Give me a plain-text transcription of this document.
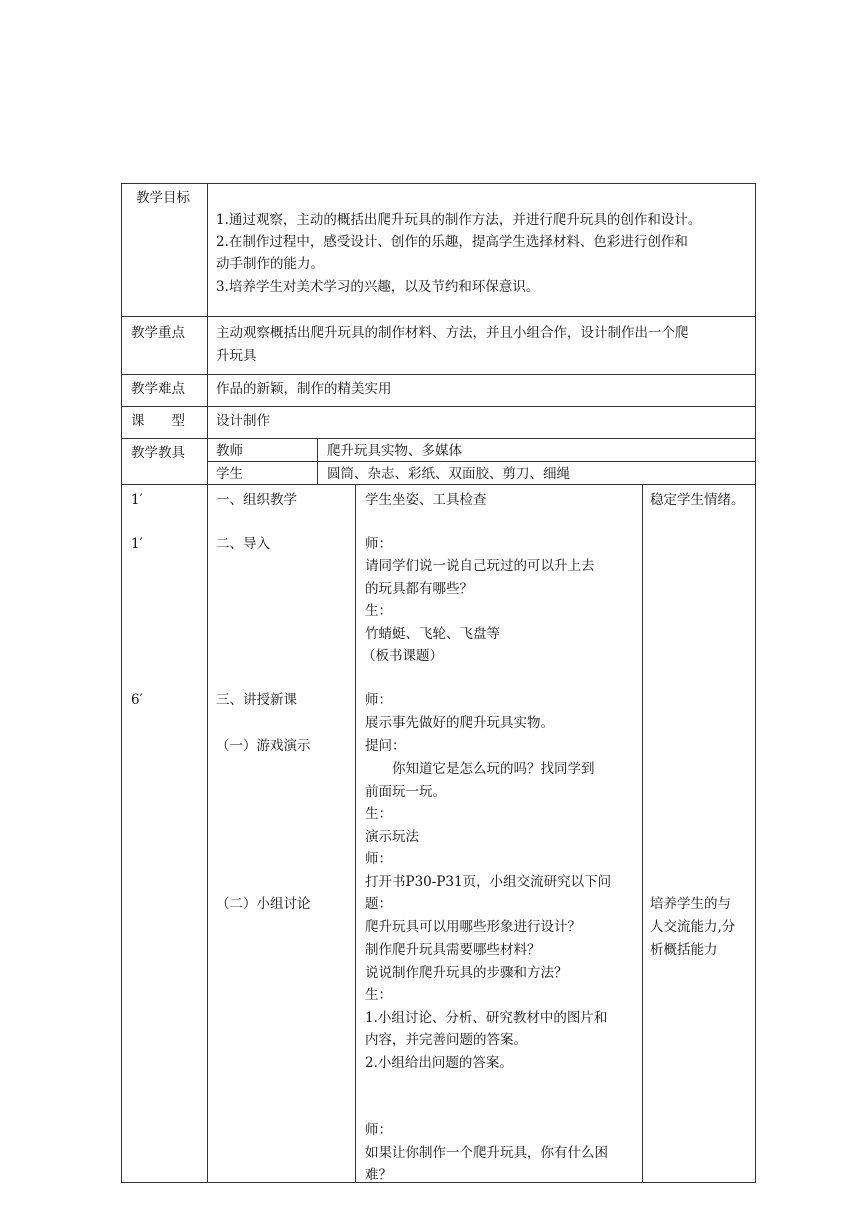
教学目标
1.通过观察，主动的概括出爬升玩具的制作方法，并进行爬升玩具的创作和设计。
2.在制作过程中，感受设计、创作的乐趣，提高学生选择材料、色彩进行创作和
动手制作的能力。
3.培养学生对美术学习的兴趣，以及节约和环保意识。
教学重点 主动观察概括出爬升玩具的制作材料、方法，并且小组合作，设计制作出一个爬
升玩具
教学难点 作品的新颖，制作的精美实用
课　　型 设计制作
教学教具 教师	爬升玩具实物、多媒体
学生	圆筒、杂志、彩纸、双面胶、剪刀、细绳
1′
1′
6′
一、组织教学
二、导入
三、讲授新课
（一）游戏演示
（二）小组讨论
学生坐姿、工具检查
师：
请同学们说一说自己玩过的可以升上去
的玩具都有哪些？
生：
竹蜻蜓、飞轮、飞盘等
（板书课题）
师：
展示事先做好的爬升玩具实物。
提问：
　　你知道它是怎么玩的吗？找同学到
前面玩一玩。
生：
演示玩法
师：
打开书P30-P31页，小组交流研究以下问
题：
爬升玩具可以用哪些形象进行设计？
制作爬升玩具需要哪些材料？
说说制作爬升玩具的步骤和方法？
生：
1.小组讨论、分析、研究教材中的图片和
内容，并完善问题的答案。
2.小组给出问题的答案。
师：
如果让你制作一个爬升玩具，你有什么困
难？
稳定学生情绪。
培养学生的与
人交流能力,分
析概括能力
